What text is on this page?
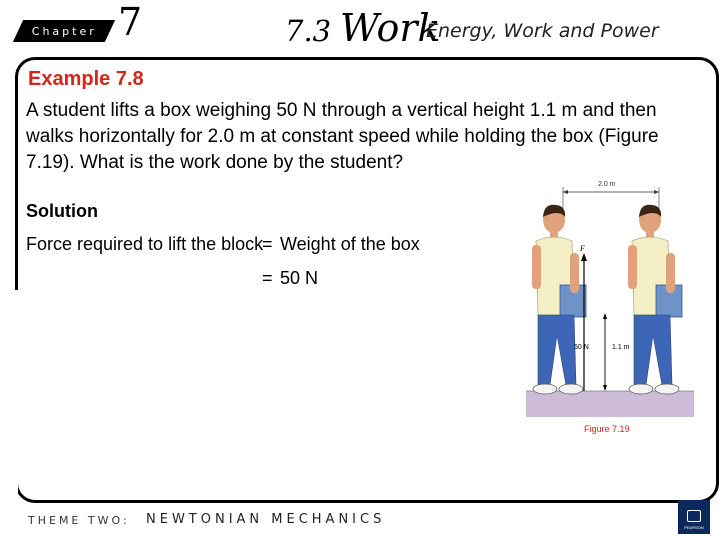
Chapter 7	7.3 Work
Energy, Work and Power
Example 7.8
A student lifts a box weighing 50 N through a vertical height 1.1 m and then walks horizontally for 2.0 m at constant speed while holding the box (Figure 7.19). What is the work done by the student?
Solution
Force required to lift the block
= Weight of the box
= 50 N
2.0 m
F
50 N	1.1 m
Figure 7.19
THEME TWO: NEWTONIAN MECHANICS
PEARSON
